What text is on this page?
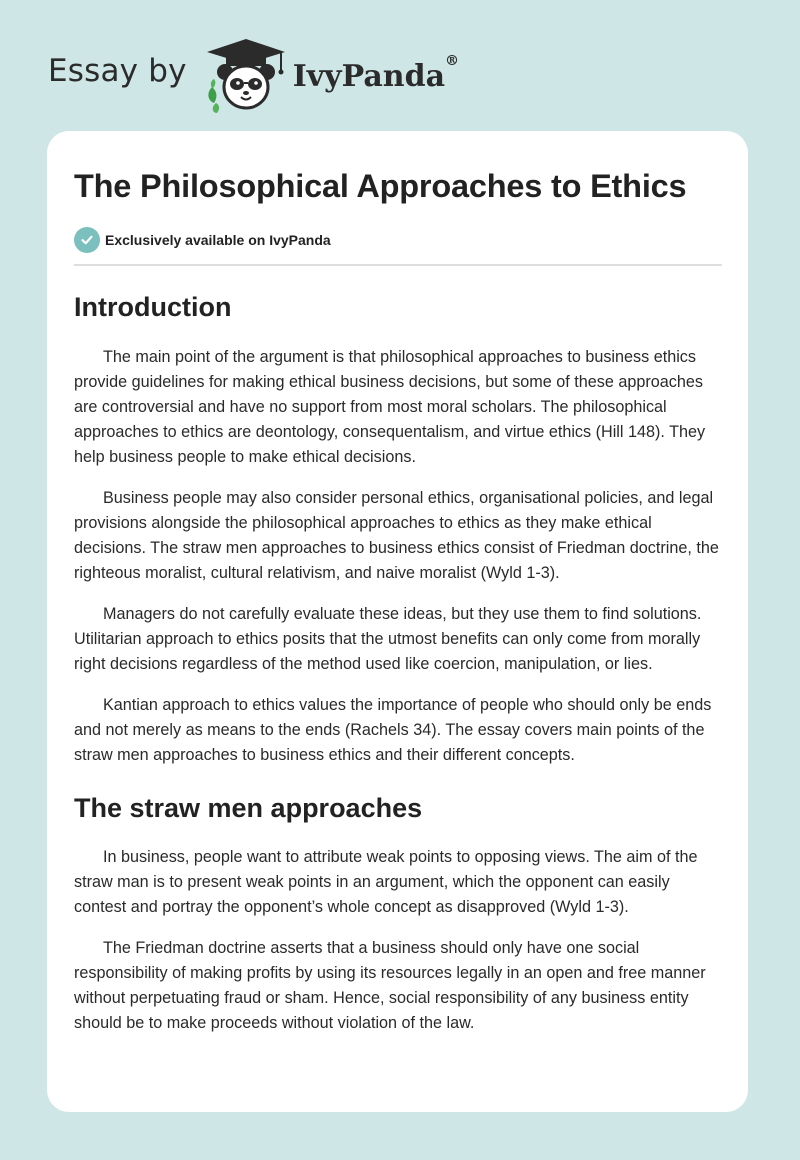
Essay by	IvyPanda®
The Philosophical Approaches to Ethics
Exclusively available on IvyPanda
Introduction

The main point of the argument is that philosophical approaches to business ethics provide guidelines for making ethical business decisions, but some of these approaches are controversial and have no support from most moral scholars. The philosophical approaches to ethics are deontology, consequentalism, and virtue ethics (Hill 148). They help business people to make ethical decisions.

Business people may also consider personal ethics, organisational policies, and legal provisions alongside the philosophical approaches to ethics as they make ethical decisions. The straw men approaches to business ethics consist of Friedman doctrine, the righteous moralist, cultural relativism, and naive moralist (Wyld 1-3).

Managers do not carefully evaluate these ideas, but they use them to find solutions. Utilitarian approach to ethics posits that the utmost benefits can only come from morally right decisions regardless of the method used like coercion, manipulation, or lies.

Kantian approach to ethics values the importance of people who should only be ends and not merely as means to the ends (Rachels 34). The essay covers main points of the straw men approaches to business ethics and their different concepts.

The straw men approaches

In business, people want to attribute weak points to opposing views. The aim of the straw man is to present weak points in an argument, which the opponent can easily contest and portray the opponent’s whole concept as disapproved (Wyld 1-3).

The Friedman doctrine asserts that a business should only have one social responsibility of making profits by using its resources legally in an open and free manner without perpetuating fraud or sham. Hence, social responsibility of any business entity should be to make proceeds without violation of the law.
